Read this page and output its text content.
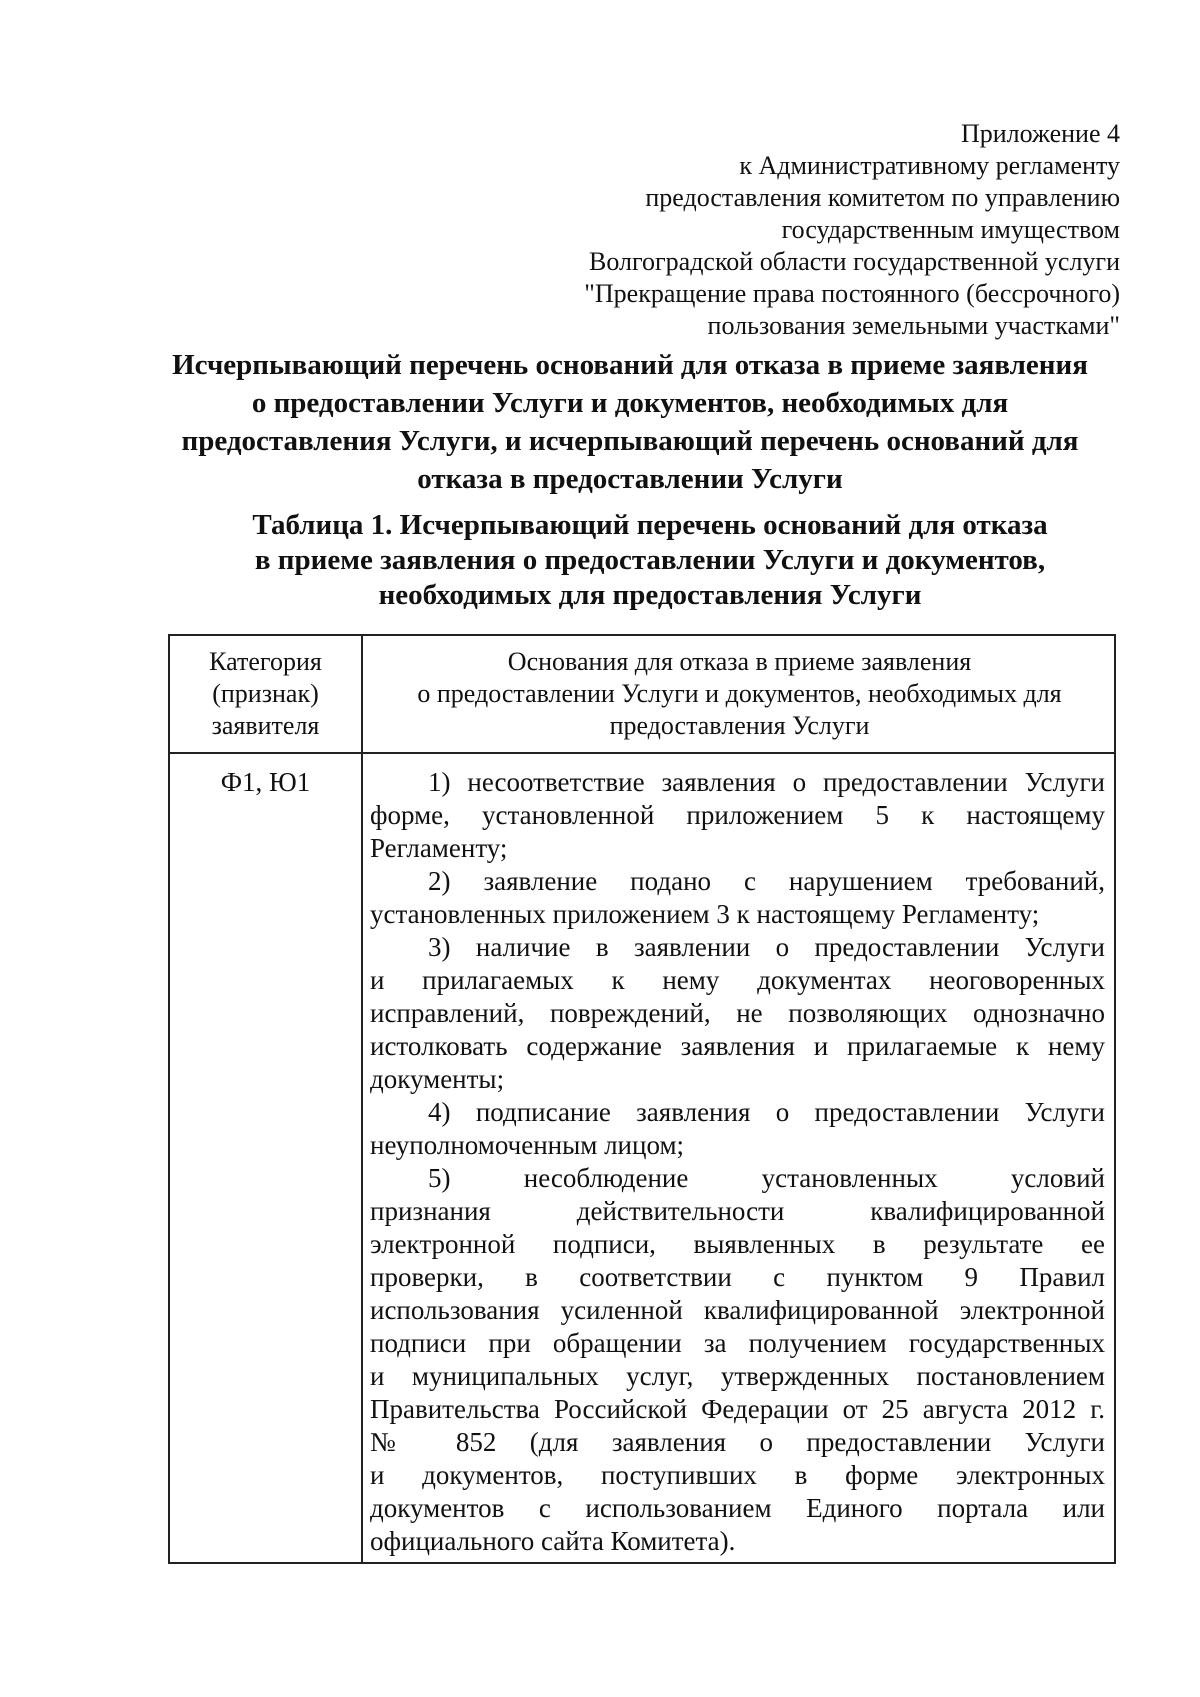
Приложение 4
к Административному регламенту
предоставления комитетом по управлению
государственным имуществом
Волгоградской области государственной услуги
"Прекращение права постоянного (бессрочного)
пользования земельными участками"
Исчерпывающий перечень оснований для отказа в приеме заявления
о предоставлении Услуги и документов, необходимых для
предоставления Услуги, и исчерпывающий перечень оснований для
отказа в предоставлении Услуги
Таблица 1. Исчерпывающий перечень оснований для отказа
в приеме заявления о предоставлении Услуги и документов,
необходимых для предоставления Услуги
Категория
(признак)
заявителя
Основания для отказа в приеме заявления
о предоставлении Услуги и документов, необходимых для
предоставления Услуги
Ф1, Ю1	1) несоответствие заявления о предоставлении Услуги
форме, установленной приложением 5 к настоящему
Регламенту;
2) заявление подано с нарушением требований,
установленных приложением 3 к настоящему Регламенту;
3) наличие в заявлении о предоставлении Услуги
и прилагаемых к нему документах неоговоренных
исправлений, повреждений, не позволяющих однозначно
истолковать содержание заявления и прилагаемые к нему
документы;
4) подписание заявления о предоставлении Услуги
неуполномоченным лицом;
5) несоблюдение установленных условий
признания действительности квалифицированной
электронной подписи, выявленных в результате ее
проверки, в соответствии с пунктом 9 Правил
использования усиленной квалифицированной электронной
подписи при обращении за получением государственных
и муниципальных услуг, утвержденных постановлением
Правительства Российской Федерации от 25 августа 2012 г.
№ 852 (для заявления о предоставлении Услуги
и документов, поступивших в форме электронных
документов с использованием Единого портала или
официального сайта Комитета).
